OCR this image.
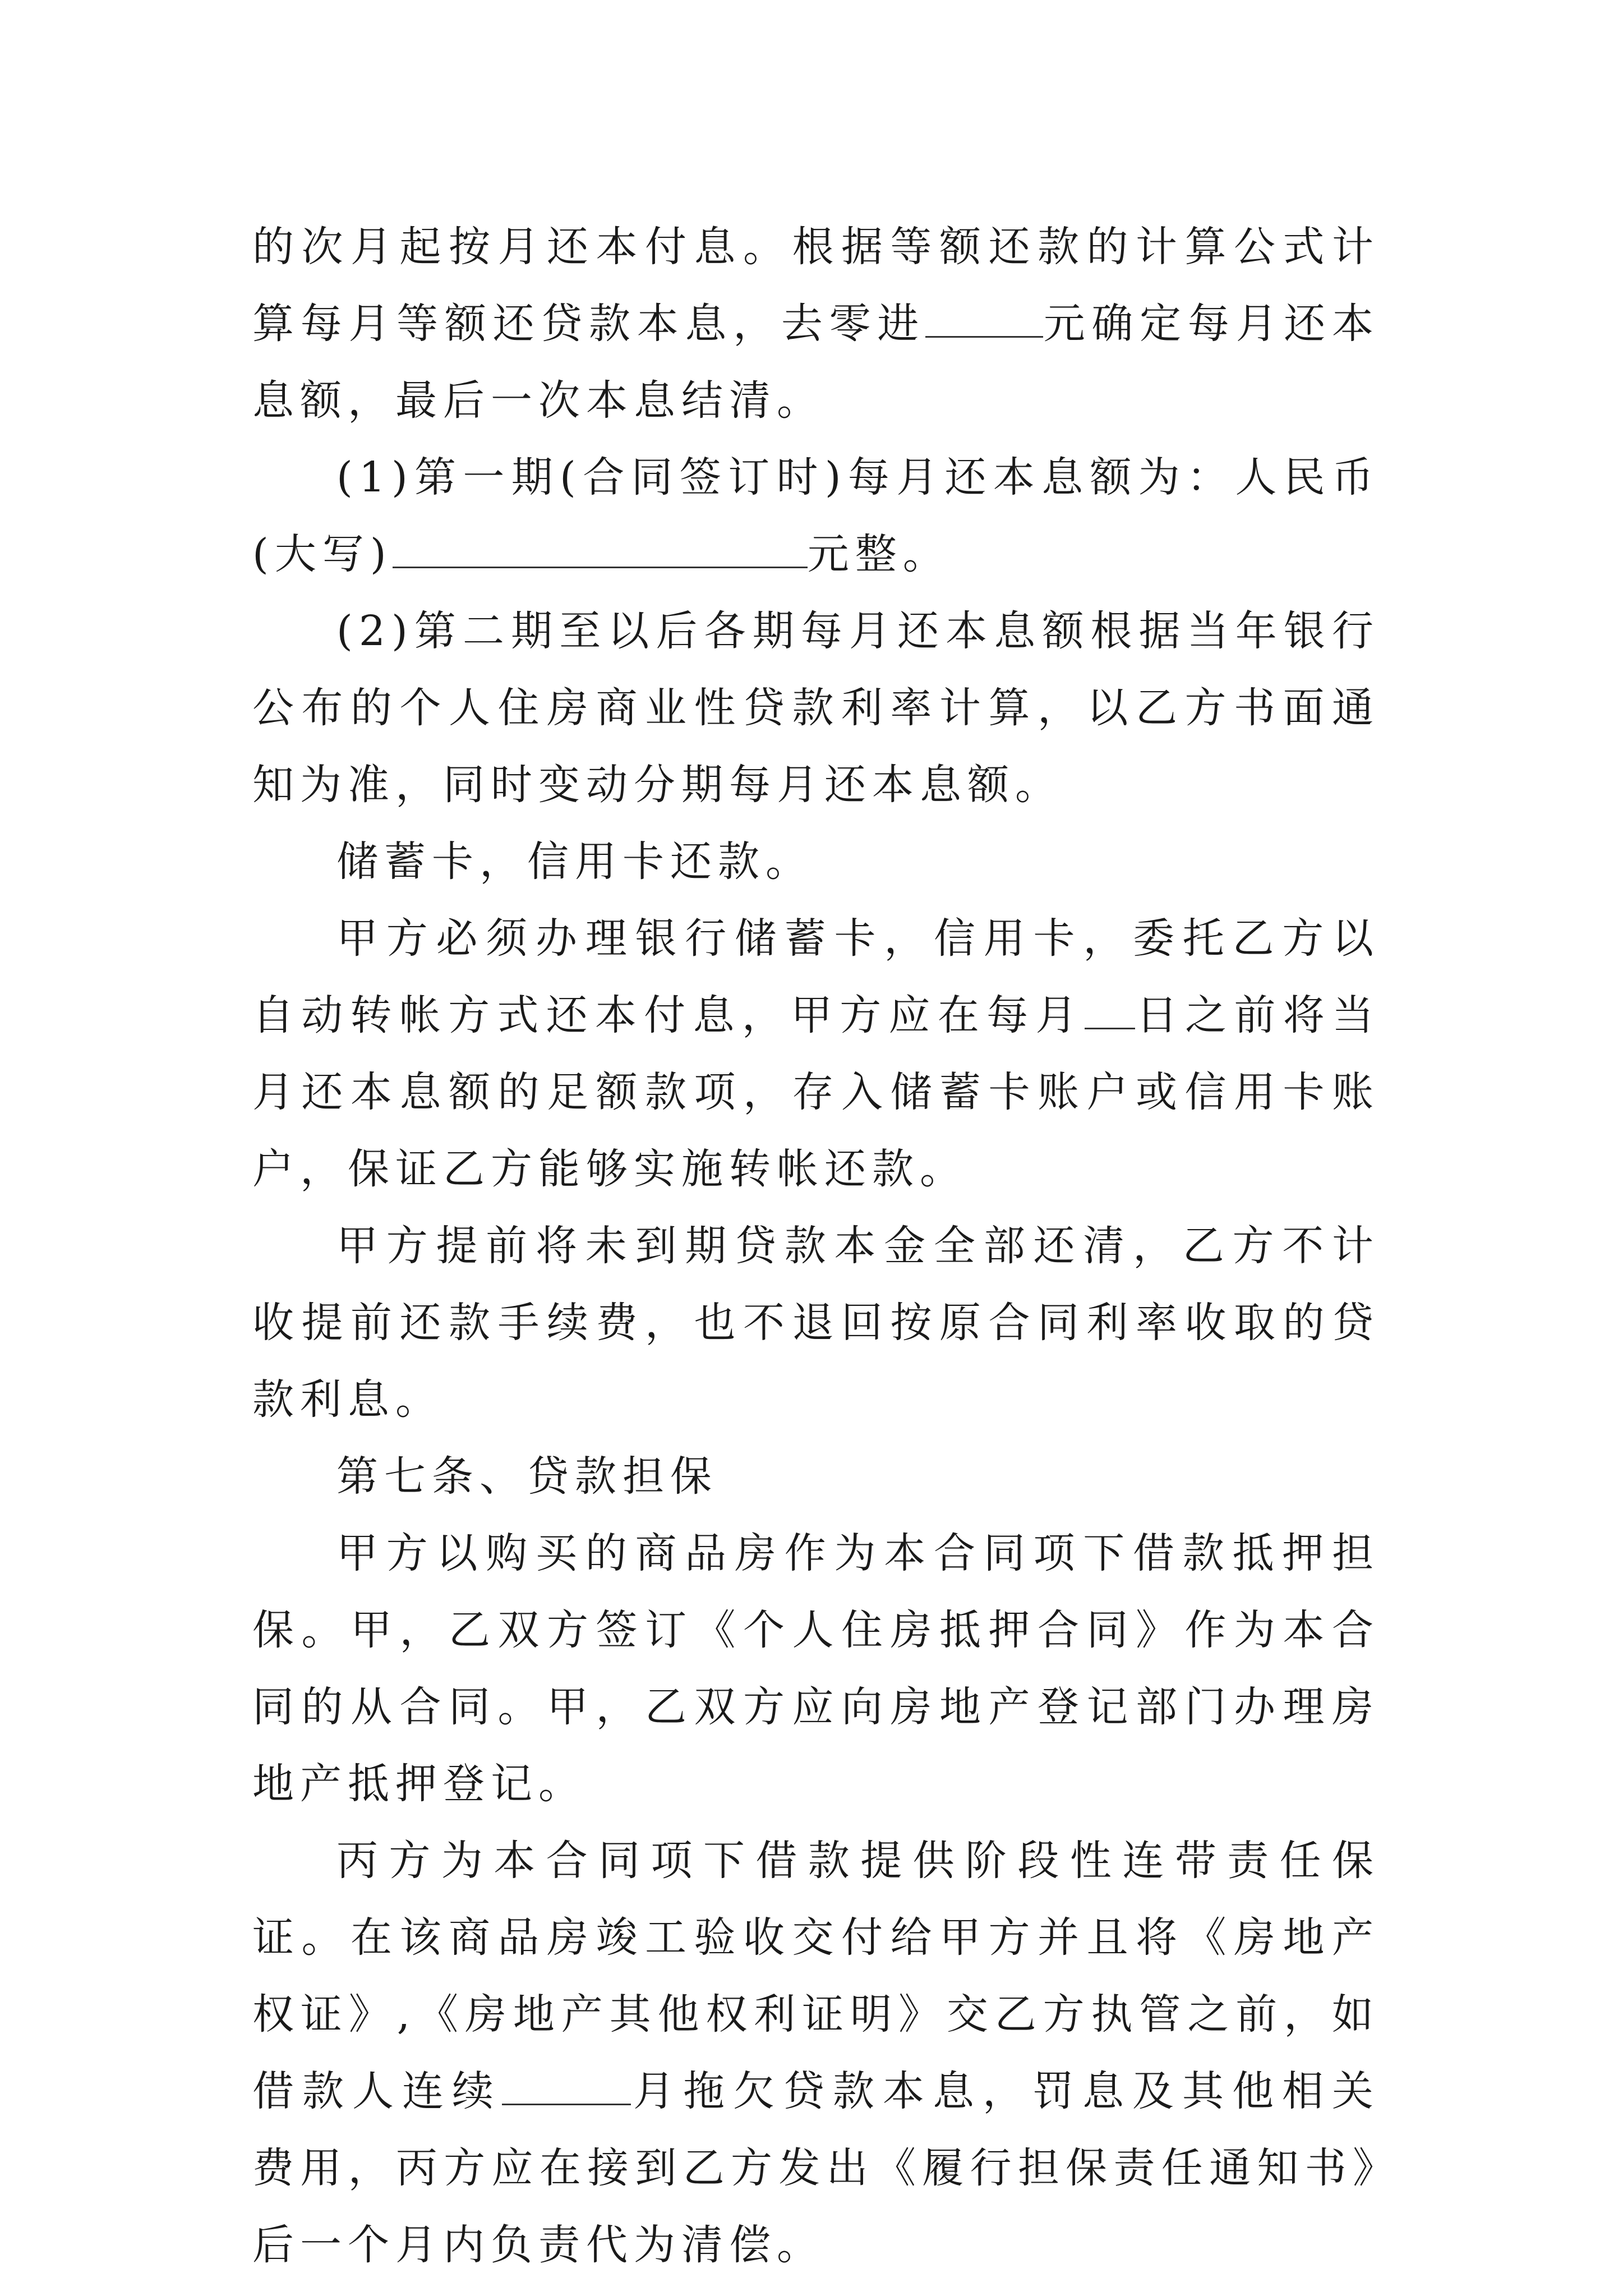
的次月起按月还本付息。根据等额还款的计算公式计算每月等额还贷款本息，去零进	元确定每月还本息额，最后一次本息结清。

(1)第一期(合同签订时)每月还本息额为：人民币(大写)	元整。

(2)第二期至以后各期每月还本息额根据当年银行公布的个人住房商业性贷款利率计算，以乙方书面通知为准，同时变动分期每月还本息额。

储蓄卡，信用卡还款。

甲方必须办理银行储蓄卡，信用卡，委托乙方以自动转帐方式还本付息，甲方应在每月 日之前将当月还本息额的足额款项，存入储蓄卡账户或信用卡账户，保证乙方能够实施转帐还款。

甲方提前将未到期贷款本金全部还清，乙方不计收提前还款手续费，也不退回按原合同利率收取的贷款利息。

第七条、贷款担保

甲方以购买的商品房作为本合同项下借款抵押担保。甲，乙双方签订《个人住房抵押合同》作为本合同的从合同。甲，乙双方应向房地产登记部门办理房地产抵押登记。

丙方为本合同项下借款提供阶段性连带责任保证。在该商品房竣工验收交付给甲方并且将《房地产权证》,《房地产其他权利证明》交乙方执管之前，如借款人连续	月拖欠贷款本息，罚息及其他相关费用，丙方应在接到乙方发出《履行担保责任通知书》后一个月内负责代为清偿。
